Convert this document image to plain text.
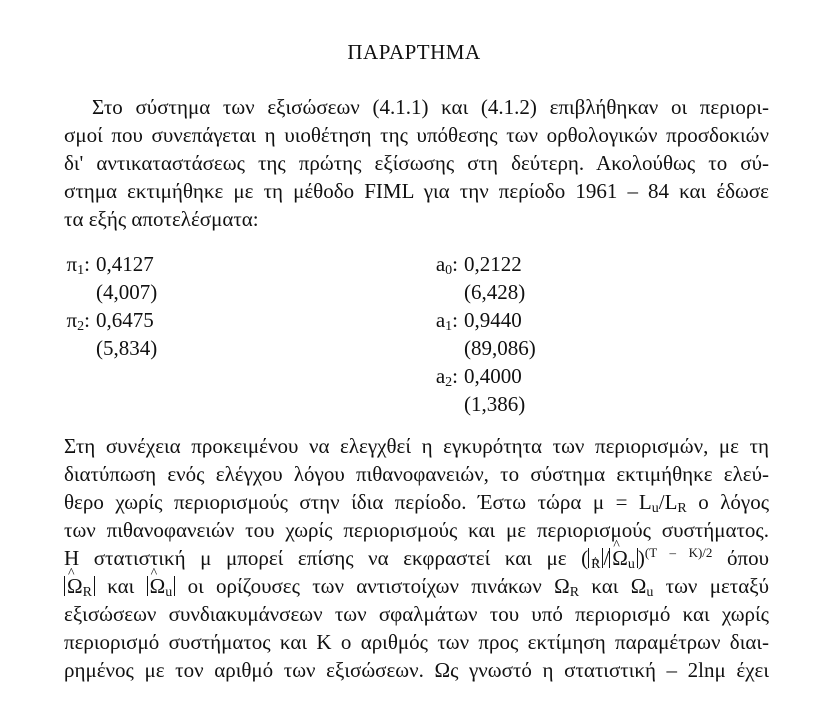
ΠΑΡΑΡΤΗΜΑ
Στο σύστημα των εξισώσεων (4.1.1) και (4.1.2) επιβλήθηκαν οι περιορι-
σμοί που συνεπάγεται η υιοθέτηση της υπόθεσης των ορθολογικών προσδοκιών
δι' αντικαταστάσεως της πρώτης εξίσωσης στη δεύτερη. Ακολούθως το σύ-
στημα εκτιμήθηκε με τη μέθοδο FIML για την περίοδο 1961 – 84 και έδωσε
τα εξής αποτελέσματα:
$\pi_1$: 0,4127
(4,007)
$\pi_2$: 0,6475
(5,834)
$a_0$: 0,2122
(6,428)
$a_1$: 0,9440
(89,086)
$a_2$: 0,4000
(1,386)
Στη συνέχεια προκειμένου να ελεγχθεί η εγκυρότητα των περιορισμών, με τη
διατύπωση ενός ελέγχου λόγου πιθανοφανειών, το σύστημα εκτιμήθηκε ελεύ-
θερο χωρίς περιορισμούς στην ίδια περίοδο. Έστω τώρα $\mu = L_u/L_R$ ο λόγος
των πιθανοφανειών του χωρίς περιορισμούς και με περιορισμούς συστήματος.
Η στατιστική μ μπορεί επίσης να εκφραστεί και με ( $_R$ / ^ $\Omega_u$ )$^{(T - K)/2}$ όπου
^ $\Omega_R$ και ^ $\Omega_u$ οι ορίζουσες των αντιστοίχων πινάκων $\Omega_R$ και $\Omega_u$ των μεταξύ
εξισώσεων συνδιακυμάνσεων των σφαλμάτων του υπό περιορισμό και χωρίς
περιορισμό συστήματος και Κ ο αριθμός των προς εκτίμηση παραμέτρων διαι-
ρημένος με τον αριθμό των εξισώσεων. Ως γνωστό η στατιστική – 2lnμ έχει
